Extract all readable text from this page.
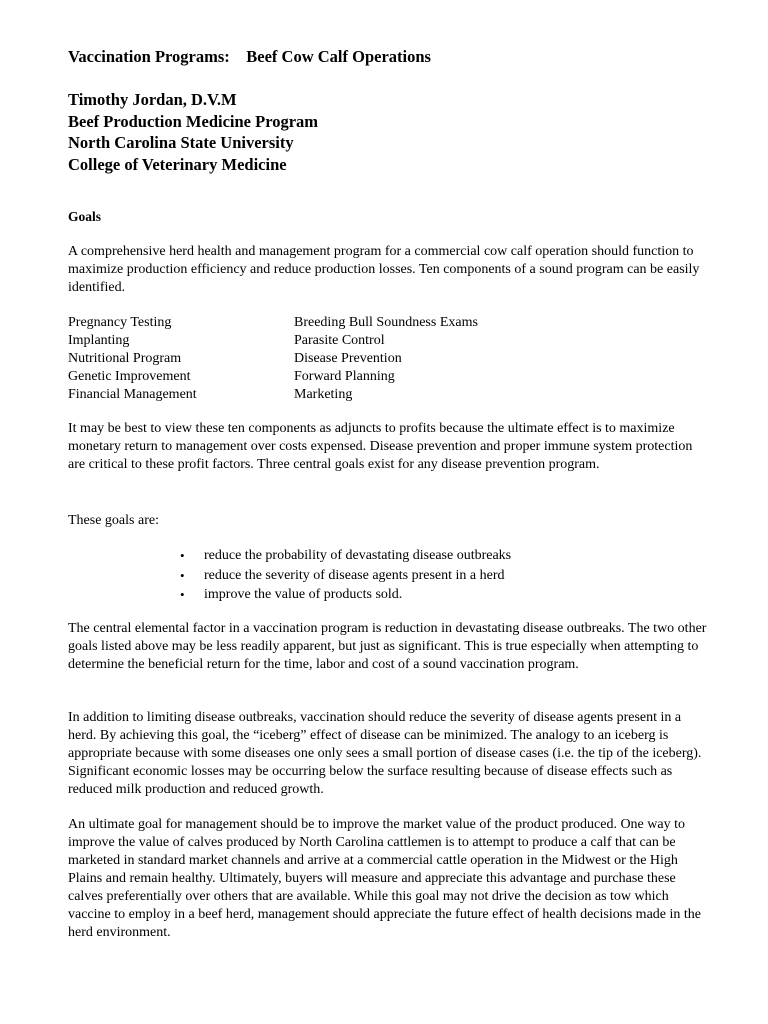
Vaccination Programs:    Beef Cow Calf Operations
Timothy Jordan, D.V.M
Beef Production Medicine Program
North Carolina State University
College of Veterinary Medicine
Goals

A comprehensive herd health and management program for a commercial cow calf operation should function to maximize production efficiency and reduce production losses. Ten components of a sound program can be easily identified.

Pregnancy Testing	Breeding Bull Soundness Exams
Implanting	Parasite Control
Nutritional Program	Disease Prevention
Genetic Improvement	Forward Planning
Financial Management	Marketing

It may be best to view these ten components as adjuncts to profits because the ultimate effect is to maximize monetary return to management over costs expensed. Disease prevention and proper immune system protection are critical to these profit factors. Three central goals exist for any disease prevention program.

These goals are:

•	reduce the probability of devastating disease outbreaks
•	reduce the severity of disease agents present in a herd
•	improve the value of products sold.

The central elemental factor in a vaccination program is reduction in devastating disease outbreaks. The two other goals listed above may be less readily apparent, but just as significant. This is true especially when attempting to determine the beneficial return for the time, labor and cost of a sound vaccination program.

In addition to limiting disease outbreaks, vaccination should reduce the severity of disease agents present in a herd. By achieving this goal, the “iceberg” effect of disease can be minimized. The analogy to an iceberg is appropriate because with some diseases one only sees a small portion of disease cases (i.e. the tip of the iceberg). Significant economic losses may be occurring below the surface resulting because of disease effects such as reduced milk production and reduced growth.

An ultimate goal for management should be to improve the market value of the product produced. One way to improve the value of calves produced by North Carolina cattlemen is to attempt to produce a calf that can be marketed in standard market channels and arrive at a commercial cattle operation in the Midwest or the High Plains and remain healthy. Ultimately, buyers will measure and appreciate this advantage and purchase these calves preferentially over others that are available. While this goal may not drive the decision as tow which vaccine to employ in a beef herd, management should appreciate the future effect of health decisions made in the herd environment.
